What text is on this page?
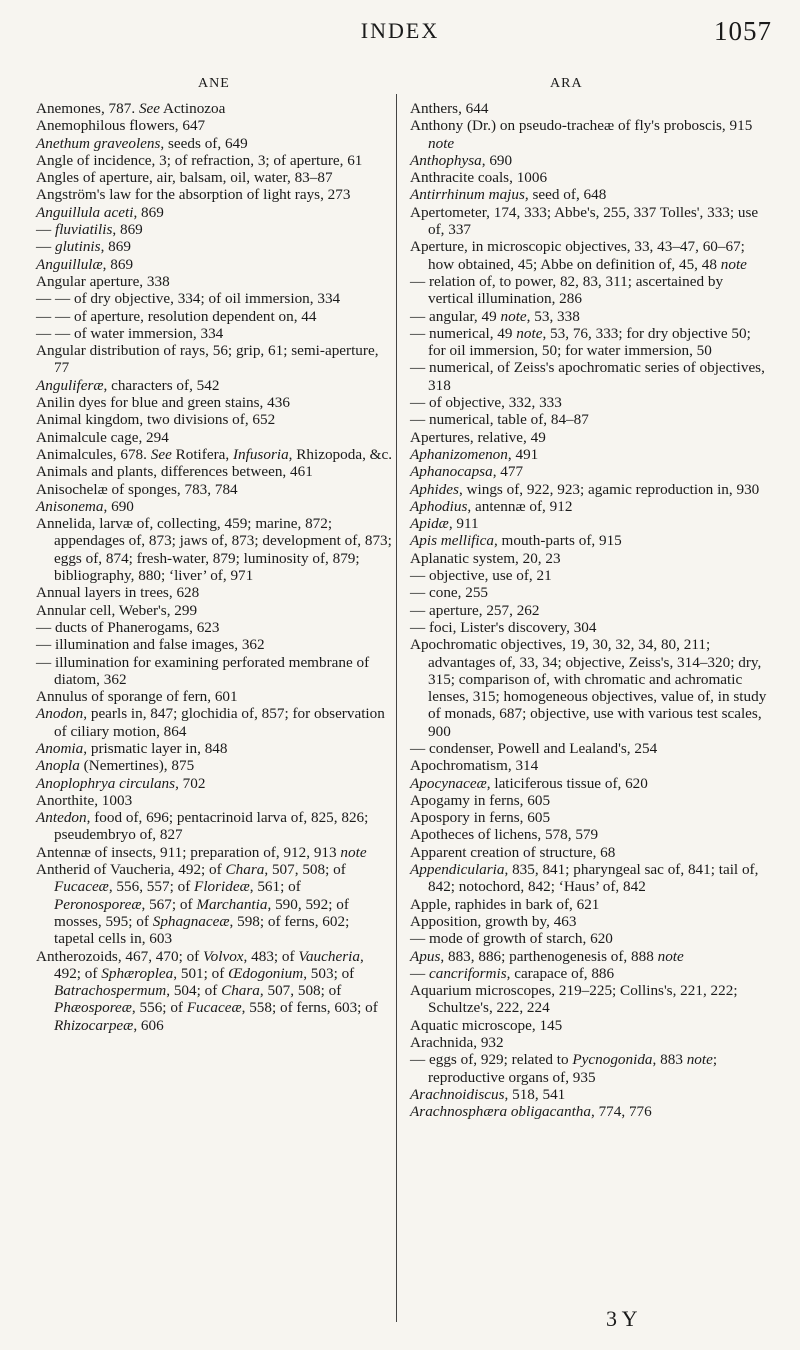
INDEX	1057
ANE	ARA

Anemones, 787. See Actinozoa

Anemophilous flowers, 647

Anethum graveolens, seeds of, 649

Angle of incidence, 3; of refraction, 3; of aperture, 61

Angles of aperture, air, balsam, oil, water, 83–87

Angström's law for the absorption of light rays, 273

Anguillula aceti, 869

— fluviatilis, 869

— glutinis, 869

Anguillulæ, 869

Angular aperture, 338

— — of dry objective, 334; of oil immersion, 334

— — of aperture, resolution dependent on, 44

— — of water immersion, 334

Angular distribution of rays, 56; grip, 61; semi-aperture, 77

Anguliferæ, characters of, 542

Anilin dyes for blue and green stains, 436

Animal kingdom, two divisions of, 652

Animalcule cage, 294

Animalcules, 678. See Rotifera, Infusoria, Rhizopoda, &c.

Animals and plants, differences between, 461

Anisochelæ of sponges, 783, 784

Anisonema, 690

Annelida, larvæ of, collecting, 459; marine, 872; appendages of, 873; jaws of, 873; development of, 873; eggs of, 874; fresh-water, 879; luminosity of, 879; bibliography, 880; ‘liver’ of, 971

Annual layers in trees, 628

Annular cell, Weber's, 299

— ducts of Phanerogams, 623

— illumination and false images, 362

— illumination for examining perforated membrane of diatom, 362

Annulus of sporange of fern, 601

Anodon, pearls in, 847; glochidia of, 857; for observation of ciliary motion, 864

Anomia, prismatic layer in, 848

Anopla (Nemertines), 875

Anoplophrya circulans, 702

Anorthite, 1003

Antedon, food of, 696; pentacrinoid larva of, 825, 826; pseudembryo of, 827

Antennæ of insects, 911; preparation of, 912, 913 note

Antherid of Vaucheria, 492; of Chara, 507, 508; of Fucaceæ, 556, 557; of Florideæ, 561; of Peronosporeæ, 567; of Marchantia, 590, 592; of mosses, 595; of Sphagnaceæ, 598; of ferns, 602; tapetal cells in, 603

Antherozoids, 467, 470; of Volvox, 483; of Vaucheria, 492; of Sphæroplea, 501; of Œdogonium, 503; of Batrachospermum, 504; of Chara, 507, 508; of Phæosporeæ, 556; of Fucaceæ, 558; of ferns, 603; of Rhizocarpeæ, 606

Anthers, 644

Anthony (Dr.) on pseudo-tracheæ of fly's proboscis, 915 note

Anthophysa, 690

Anthracite coals, 1006

Antirrhinum majus, seed of, 648

Apertometer, 174, 333; Abbe's, 255, 337 Tolles', 333; use of, 337

Aperture, in microscopic objectives, 33, 43–47, 60–67; how obtained, 45; Abbe on definition of, 45, 48 note

— relation of, to power, 82, 83, 311; ascertained by vertical illumination, 286

— angular, 49 note, 53, 338

— numerical, 49 note, 53, 76, 333; for dry objective 50; for oil immersion, 50; for water immersion, 50

— numerical, of Zeiss's apochromatic series of objectives, 318

— of objective, 332, 333

— numerical, table of, 84–87

Apertures, relative, 49

Aphanizomenon, 491

Aphanocapsa, 477

Aphides, wings of, 922, 923; agamic reproduction in, 930

Aphodius, antennæ of, 912

Apidæ, 911

Apis mellifica, mouth-parts of, 915

Aplanatic system, 20, 23

— objective, use of, 21

— cone, 255

— aperture, 257, 262

— foci, Lister's discovery, 304

Apochromatic objectives, 19, 30, 32, 34, 80, 211; advantages of, 33, 34; objective, Zeiss's, 314–320; dry, 315; comparison of, with chromatic and achromatic lenses, 315; homogeneous objectives, value of, in study of monads, 687; objective, use with various test scales, 900

— condenser, Powell and Lealand's, 254

Apochromatism, 314

Apocynaceæ, laticiferous tissue of, 620

Apogamy in ferns, 605

Apospory in ferns, 605

Apotheces of lichens, 578, 579

Apparent creation of structure, 68

Appendicularia, 835, 841; pharyngeal sac of, 841; tail of, 842; notochord, 842; ‘Haus’ of, 842

Apple, raphides in bark of, 621

Apposition, growth by, 463

— mode of growth of starch, 620

Apus, 883, 886; parthenogenesis of, 888 note

— cancriformis, carapace of, 886

Aquarium microscopes, 219–225; Collins's, 221, 222; Schultze's, 222, 224

Aquatic microscope, 145

Arachnida, 932

— eggs of, 929; related to Pycnogonida, 883 note; reproductive organs of, 935

Arachnoidiscus, 518, 541

Arachnosphæra obligacantha, 774, 776

3 Y
